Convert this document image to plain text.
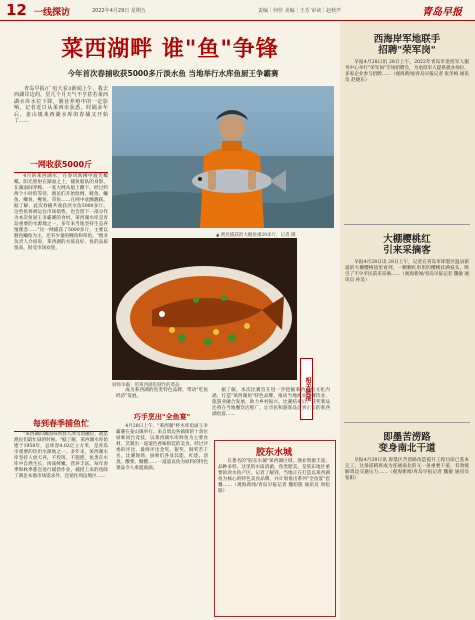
12 一线探访	2022年4月29日 星期五	责编｜何佳 美编｜王芳 审读｜赵秋声	青岛早报
菜西湖畔 谁"鱼"争锋
今年首次春捕收获5000多斤淡水鱼 当地举行水库鱼厨王争霸赛
青岛早报/广电大看3新闻上午，我去西湖岸边的，堂几个月天气不亨甚若莱西湖水库水位下降，渔业养殖中的一定影响。记者近日从莱西市获悉，时隔多年后，姜山镇莱西湖水库的春捕又开始了……
一网收获5000斤
4月的莱西湖水，在春风吹拂中波光粼粼。阳光照射在湖面之上，捕鱼船队的身影，在湖面间穿梭。一张大网从船上撒下，经过约两个小时的等待，渔民们开始收网。鲢鱼、鳙鱼、鲫鱼、鲤鱼、草鱼……在网中欢腾跳跃。据了解，此次春捕共收获淡水鱼5000多斤。这些鱼将被运往市场销售，也会留下一部分作为本次鱼厨王争霸赛的食材。莱西湖水库是青岛重要的水源地之一，多年来当地坚持生态养殖理念……"这一网捕获了5000多斤，主要以鲢鱼鳙鱼为主，还有少量的鲤鱼和草鱼。"渔业负责人介绍说，莱西湖的水质良好，鱼的品质很高，很受市场欢迎。
每到春季捕鱼忙
"莱西湖的湖面每到春天冰雪消融后，就是渔民们最忙碌的时候。"据了解，莱西湖水库始建于1958年，总库容4.02亿立方米，是青岛市重要的饮用水源地之一。多年来，莱西湖水库坚持人放天养，不投饵、不施肥，鱼类在水库中自然生长，肉质鲜嫩、营养丰富。每年春季和秋季都会进行捕捞作业，捕捞上来的鱼除了满足本地市场需求外，还销往周边地区……
▲ 渔民捕获的大鲢鱼重20多斤，记者 摄
厨师争霸：用莱西湖鱼制作的菜品	相关链接
成为莱西湖的鱼类特色品牌，带动"吃鱼经济"发展。
巧手烹出"全鱼宴"
4月28日上午，"莱西湖"杯水库鱼厨王争霸赛在姜山镇举行。来自周边各镇街的十余位厨师同台竞技，以莱西湖水库鲜鱼为主要食材，烹制出一道道色香味俱佳的美食。经过评委的评比，最终评出金奖、银奖、铜奖若干名。比赛现场，厨师们各显其能，红烧、清蒸、酸菜、糖醋……一道道以鱼为原料的特色菜品令人垂涎欲滴。
据了解，本次比赛旨在进一步挖掘莱西湖鱼文化内涵，打造"莱西湖鱼"特色品牌，推动当地渔业与餐饮业、旅游业融合发展，助力乡村振兴。比赛结束后，获奖菜品还将在当地餐饮店推广，让市民和游客品尝到正宗的莱西湖鱼宴……
胶东水城
在著名的"胶东水城"莱西湖区域，渔业资源丰富，品种多样。这里的水质清澈，鱼类肥美，是胶东地区重要的淡水鱼产区。记者了解到，当地正在打造以莱西湖鱼为核心的特色美食品牌，并计划推出系列"全鱼宴"套餐……（观海新闻/青岛早报记者 魏绍旅 通讯员 周松阳）
西海岸军地联手
招聘"荣军岗"
早报4月28日讯 28日上午，2022年青岛市退役军人服务中心举行"荣军岗"专场招聘会，为退役军人提供就业岗位，多家企业参与招聘……（观海新闻/青岛早报记者 张冬梅 通讯员 赵晓东）
大棚樱桃红
引来采摘客
早报4月28日讯 28日上午，记者在青岛市即墨区温泉街道的大棚樱桃园里看到，一颗颗红彤彤的樱桃挂满枝头，吸引了不少市民前来采摘……（观海新闻/青岛早报记者 魏敏 通讯员 孙昊）
即墨苦涝路
变身南北干道
早报4月28日讯 即墨区苦涝路改造提升工程目前已基本完工，这条道路将成为连通南北的又一条重要干道，有效缓解周边交通压力……（观海新闻/青岛早报记者 魏敏 通讯员 张阳）
